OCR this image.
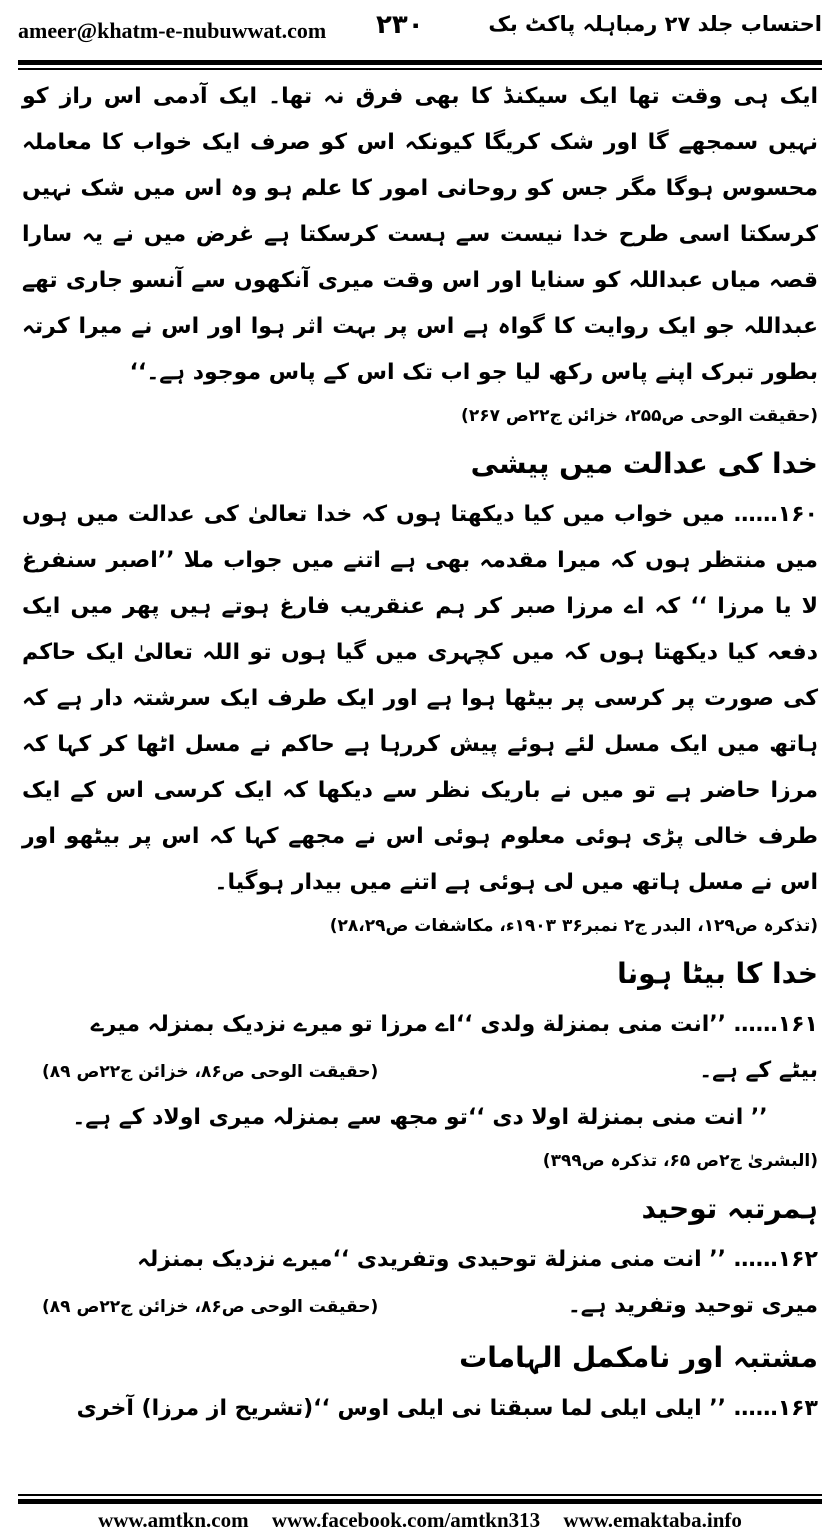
ameer@khatm-e-nubuwwat.com ۲۳۰	احتساب جلد ۲۷ رمباہلہ پاکٹ بک

ایک ہی وقت تھا ایک سیکنڈ کا بھی فرق نہ تھا۔ ایک آدمی اس راز کو نہیں سمجھے گا اور شک کریگا کیونکہ اس کو صرف ایک خواب کا معاملہ محسوس ہوگا مگر جس کو روحانی امور کا علم ہو وہ اس میں شک نہیں کرسکتا اسی طرح خدا نیست سے ہست کرسکتا ہے غرض میں نے یہ سارا قصہ میاں عبداللہ کو سنایا اور اس وقت میری آنکھوں سے آنسو جاری تھے عبداللہ جو ایک روایت کا گواہ ہے اس پر بہت اثر ہوا اور اس نے میرا کرتہ بطور تبرک اپنے پاس رکھ لیا جو اب تک اس کے پاس موجود ہے۔‘‘

(حقیقت الوحی ص۲۵۵، خزائن ج۲۲ص ۲۶۷)

خدا کی عدالت میں پیشی

۱۶۰…… میں خواب میں کیا دیکھتا ہوں کہ خدا تعالیٰ کی عدالت میں ہوں میں منتظر ہوں کہ میرا مقدمہ بھی ہے اتنے میں جواب ملا ’’اصبر سنفرغ لا یا مرزا ‘‘ کہ اے مرزا صبر کر ہم عنقریب فارغ ہوتے ہیں پھر میں ایک دفعہ کیا دیکھتا ہوں کہ میں کچہری میں گیا ہوں تو اللہ تعالیٰ ایک حاکم کی صورت پر کرسی پر بیٹھا ہوا ہے اور ایک طرف ایک سرشتہ دار ہے کہ ہاتھ میں ایک مسل لئے ہوئے پیش کررہا ہے حاکم نے مسل اٹھا کر کہا کہ مرزا حاضر ہے تو میں نے باریک نظر سے دیکھا کہ ایک کرسی اس کے ایک طرف خالی پڑی ہوئی معلوم ہوئی اس نے مجھے کہا کہ اس پر بیٹھو اور اس نے مسل ہاتھ میں لی ہوئی ہے اتنے میں بیدار ہوگیا۔

(تذکرہ ص۱۲۹، البدر ج۲ نمبر۳۶ ۱۹۰۳ء، مکاشفات ص۲۸،۲۹)

خدا کا بیٹا ہونا

۱۶۱…… ’’انت منی بمنزلة ولدی ‘‘اے مرزا تو میرے نزدیک بمنزلہ میرے

بیٹے کے ہے۔
(حقیقت الوحی ص۸۶، خزائن ج۲۲ص ۸۹)

’’ انت منی بمنزلة اولا دی ‘‘تو مجھ سے بمنزلہ میری اولاد کے ہے۔

(البشریٰ ج۲ص ۶۵، تذکرہ ص۳۹۹)

ہمرتبہ توحید

۱۶۲…… ’’ انت منی منزلة توحیدی وتفریدی ‘‘میرے نزدیک بمنزلہ

میری توحید وتفرید ہے۔
(حقیقت الوحی ص۸۶، خزائن ج۲۲ص ۸۹)
مشتبہ اور نامکمل الہامات

۱۶۳…… ’’ ایلی ایلی لما سبقتا نی ایلی اوس ‘‘(تشریح از مرزا) آخری

www.amtkn.com www.facebook.com/amtkn313 www.emaktaba.info
